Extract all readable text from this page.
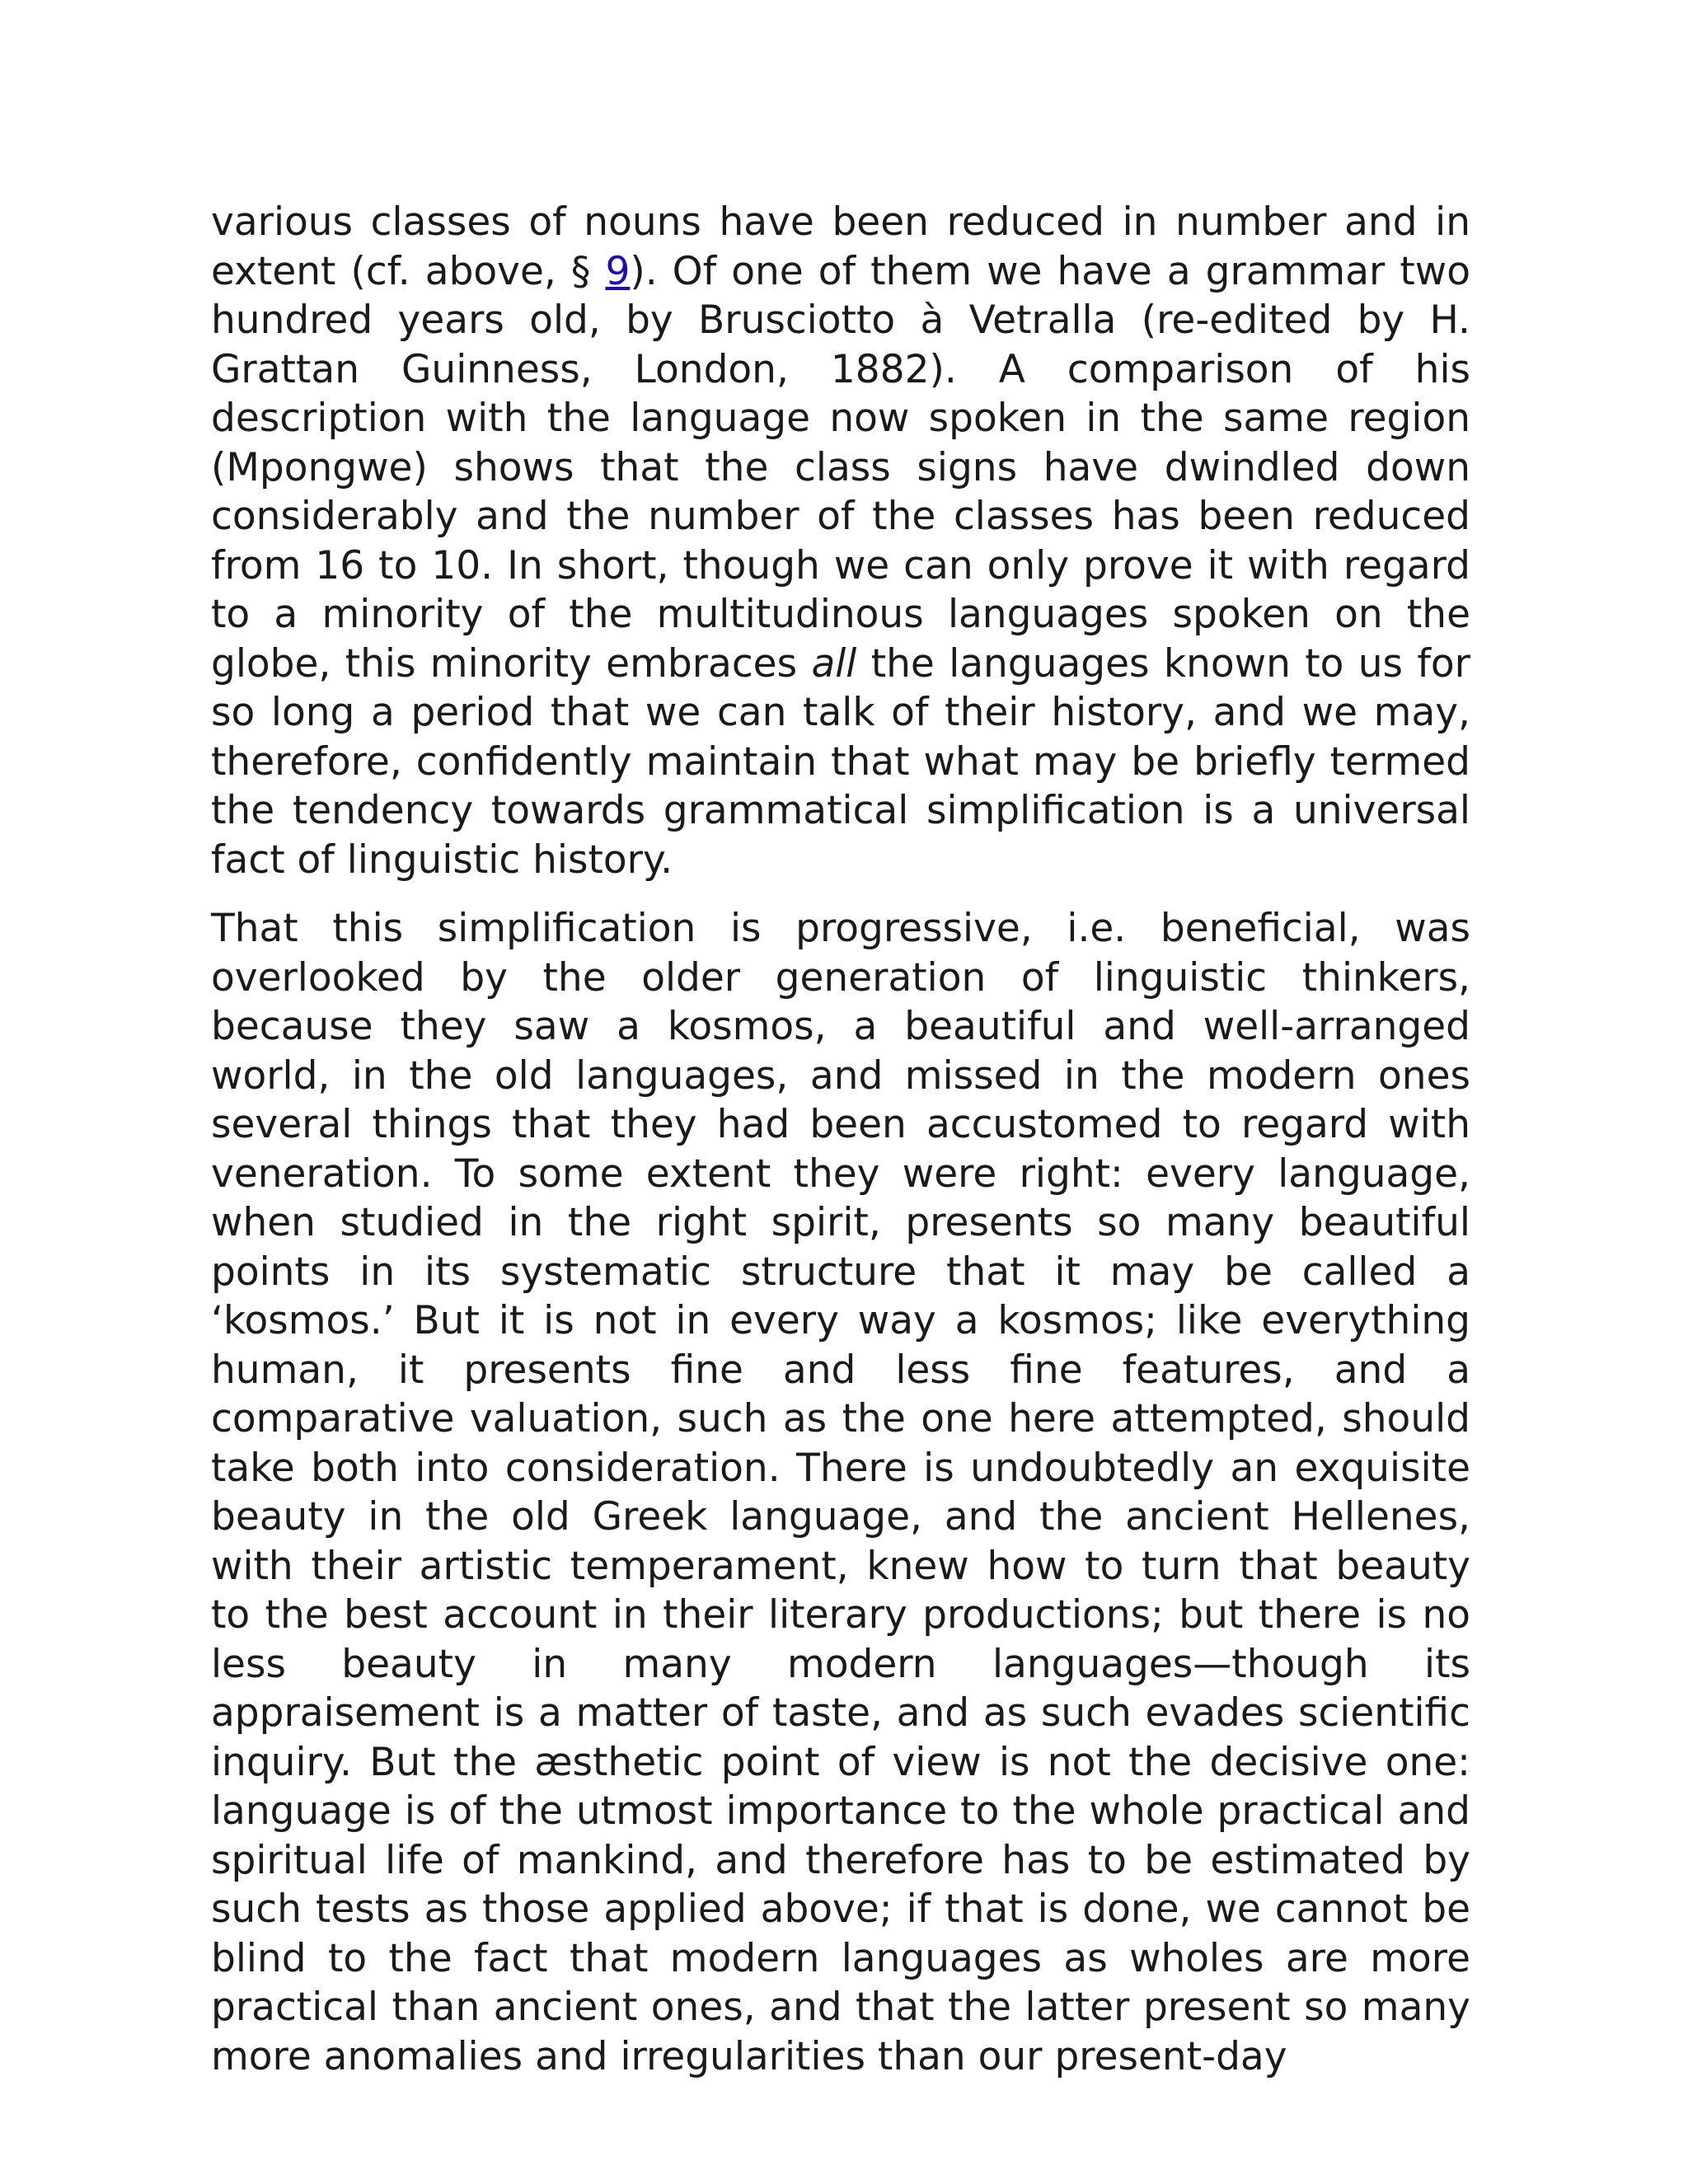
various classes of nouns have been reduced in number and in extent (cf. above, § 9). Of one of them we have a grammar two hundred years old, by Brusciotto à Vetralla (re-edited by H. Grattan Guinness, London, 1882). A comparison of his description with the language now spoken in the same region (Mpongwe) shows that the class signs have dwindled down considerably and the number of the classes has been reduced from 16 to 10. In short, though we can only prove it with regard to a minority of the multitudinous languages spoken on the globe, this minority embraces all the languages known to us for so long a period that we can talk of their history, and we may, therefore, confidently maintain that what may be briefly termed the tendency towards grammatical simplification is a universal fact of linguistic history.

That this simplification is progressive, i.e. beneficial, was overlooked by the older generation of linguistic thinkers, because they saw a kosmos, a beautiful and well-arranged world, in the old languages, and missed in the modern ones several things that they had been accustomed to regard with veneration. To some extent they were right: every language, when studied in the right spirit, presents so many beautiful points in its systematic structure that it may be called a ‘kosmos.’ But it is not in every way a kosmos; like everything human, it presents fine and less fine features, and a comparative valuation, such as the one here attempted, should take both into consideration. There is undoubtedly an exquisite beauty in the old Greek language, and the ancient Hellenes, with their artistic temperament, knew how to turn that beauty to the best account in their literary productions; but there is no less beauty in many modern languages—though its appraisement is a matter of taste, and as such evades scientific inquiry. But the æsthetic point of view is not the decisive one: language is of the utmost importance to the whole practical and spiritual life of mankind, and therefore has to be estimated by such tests as those applied above; if that is done, we cannot be blind to the fact that modern languages as wholes are more practical than ancient ones, and that the latter present so many more anomalies and irregularities than our present-day
